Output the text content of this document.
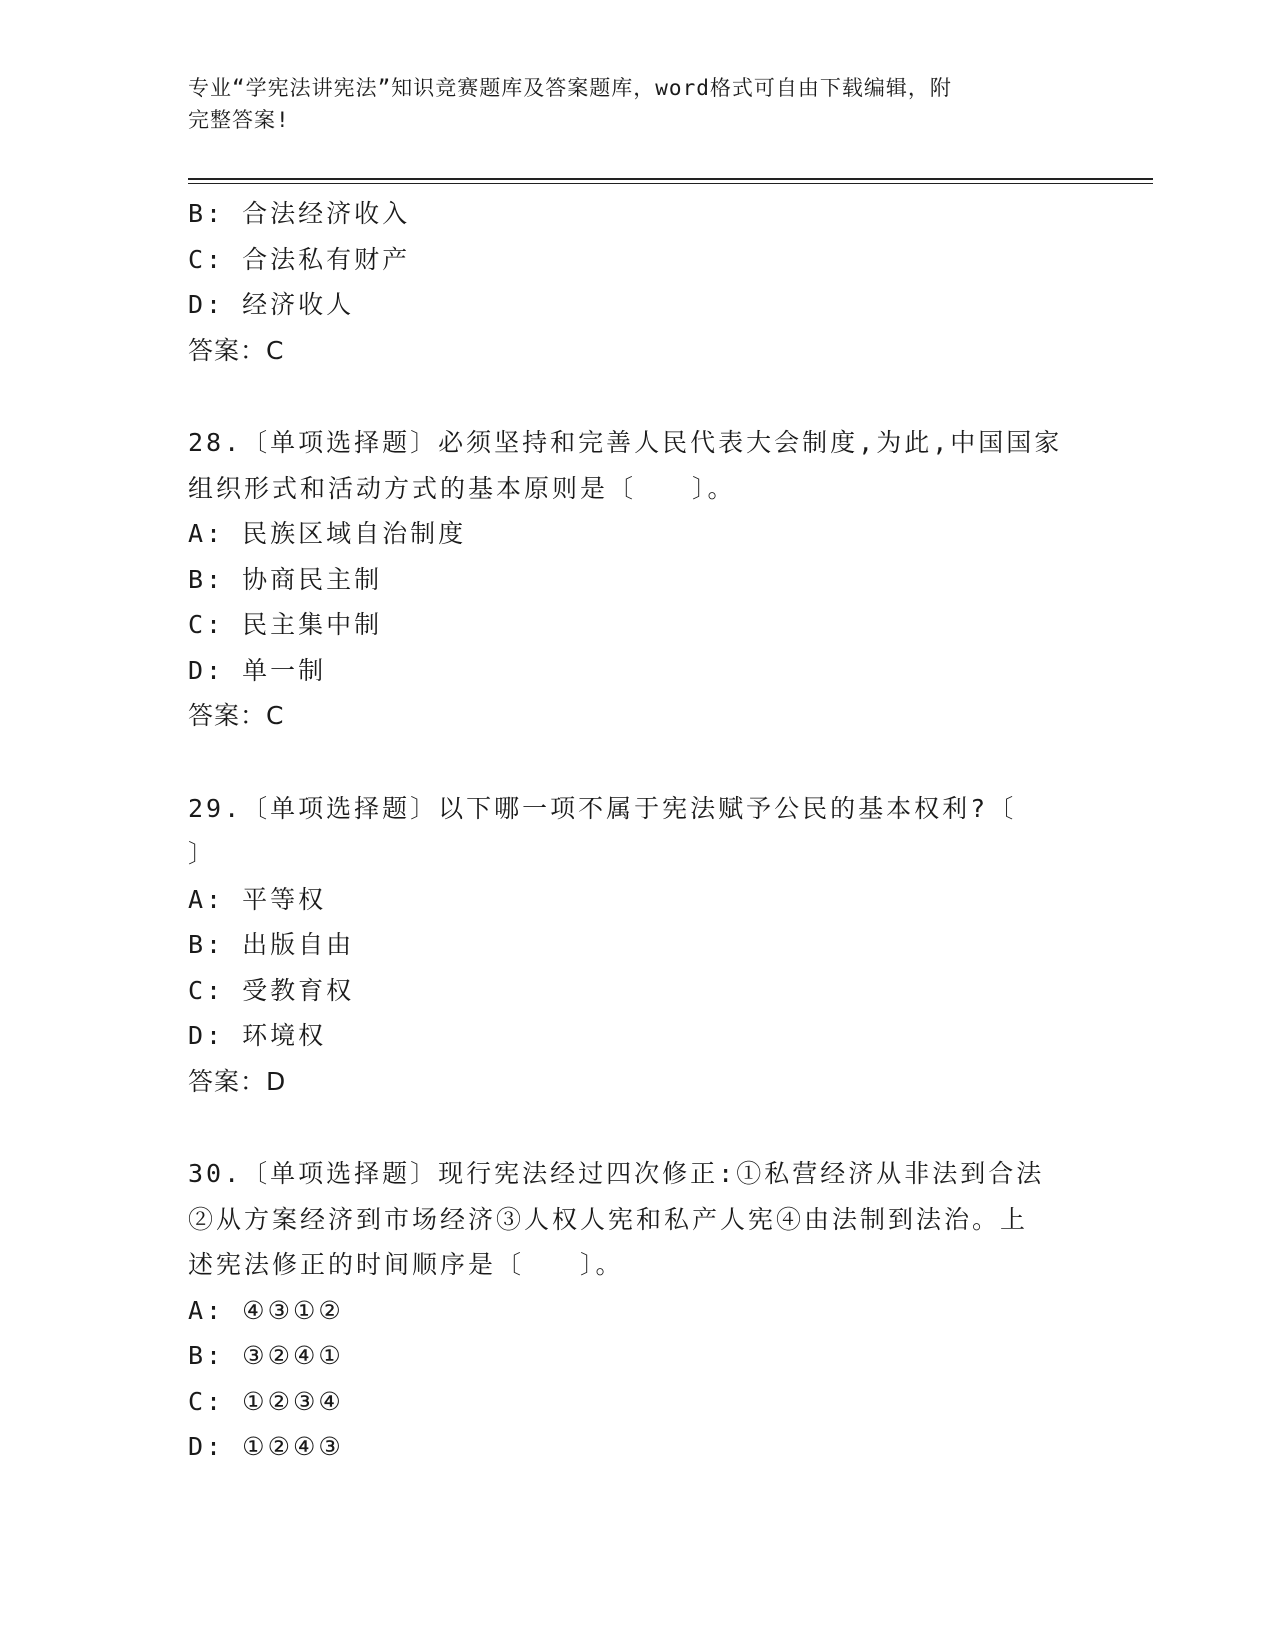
专业“学宪法讲宪法”知识竞赛题库及答案题库，word格式可自由下载编辑，附
完整答案!
B: 合法经济收入
C: 合法私有财产
D: 经济收人
答案：C
28.〔单项选择题〕必须坚持和完善人民代表大会制度,为此,中国国家
组织形式和活动方式的基本原则是〔　　〕。
A: 民族区域自治制度
B: 协商民主制
C: 民主集中制
D: 单一制
答案：C
29.〔单项选择题〕以下哪一项不属于宪法赋予公民的基本权利?〔
〕
A: 平等权
B: 出版自由
C: 受教育权
D: 环境权
答案：D
30.〔单项选择题〕现行宪法经过四次修正:①私营经济从非法到合法
②从方案经济到市场经济③人权人宪和私产人宪④由法制到法治。上
述宪法修正的时间顺序是〔　　〕。
A: ④③①②
B: ③②④①
C: ①②③④
D: ①②④③
